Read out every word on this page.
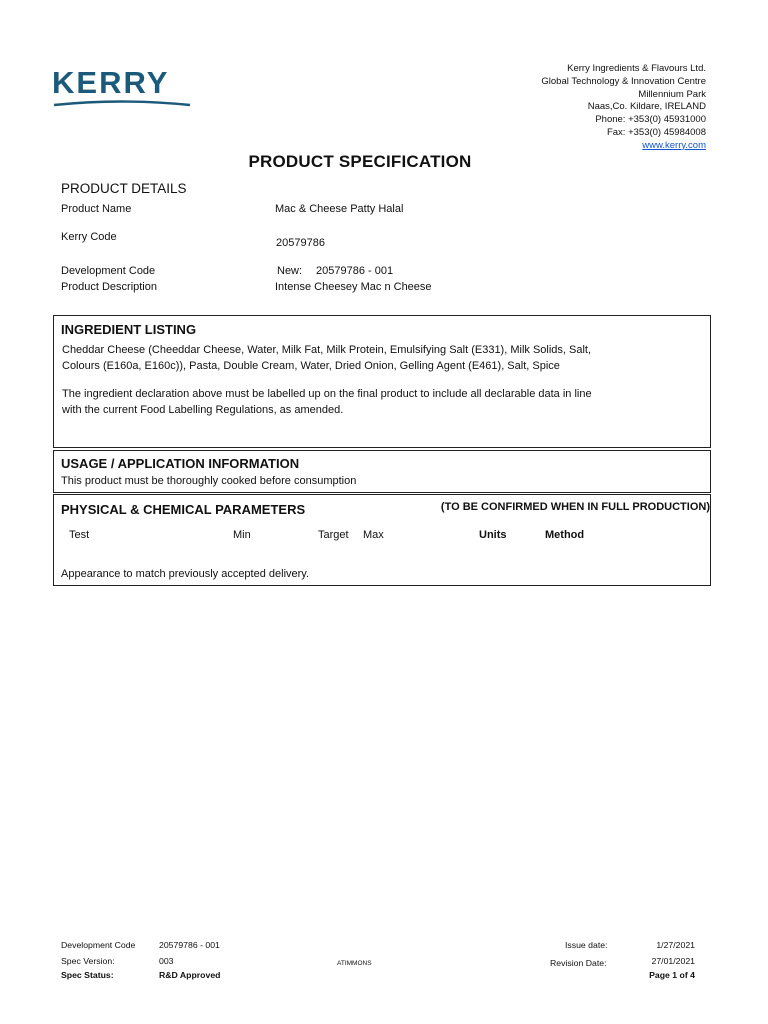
KERRY	Kerry Ingredients & Flavours Ltd.
Global Technology & Innovation Centre
Millennium Park
Naas,Co. Kildare, IRELAND
Phone: +353(0) 45931000
Fax: +353(0) 45984008
www.kerry.com
PRODUCT SPECIFICATION
PRODUCT DETAILS
Product Name	Mac & Cheese Patty Halal
Kerry Code	20579786
Development Code	New: 20579786 - 001
Product Description	Intense Cheesey Mac n Cheese
INGREDIENT LISTING
Cheddar Cheese (Cheeddar Cheese, Water, Milk Fat, Milk Protein, Emulsifying Salt (E331), Milk Solids, Salt,
Colours (E160a, E160c)), Pasta, Double Cream, Water, Dried Onion, Gelling Agent (E461), Salt, Spice
The ingredient declaration above must be labelled up on the final product to include all declarable data in line
with the current Food Labelling Regulations, as amended.
USAGE / APPLICATION INFORMATION
This product must be thoroughly cooked before consumption
PHYSICAL & CHEMICAL PARAMETERS	(TO BE CONFIRMED WHEN IN FULL PRODUCTION)
Test	Min	Target Max	Units	Method
Appearance to match previously accepted delivery.
Development Code	20579786 - 001
Spec Version:	003
Spec Status:	R&D Approved
ATIMMONS
Issue date:	1/27/2021
Revision Date:	27/01/2021
Page 1 of 4
